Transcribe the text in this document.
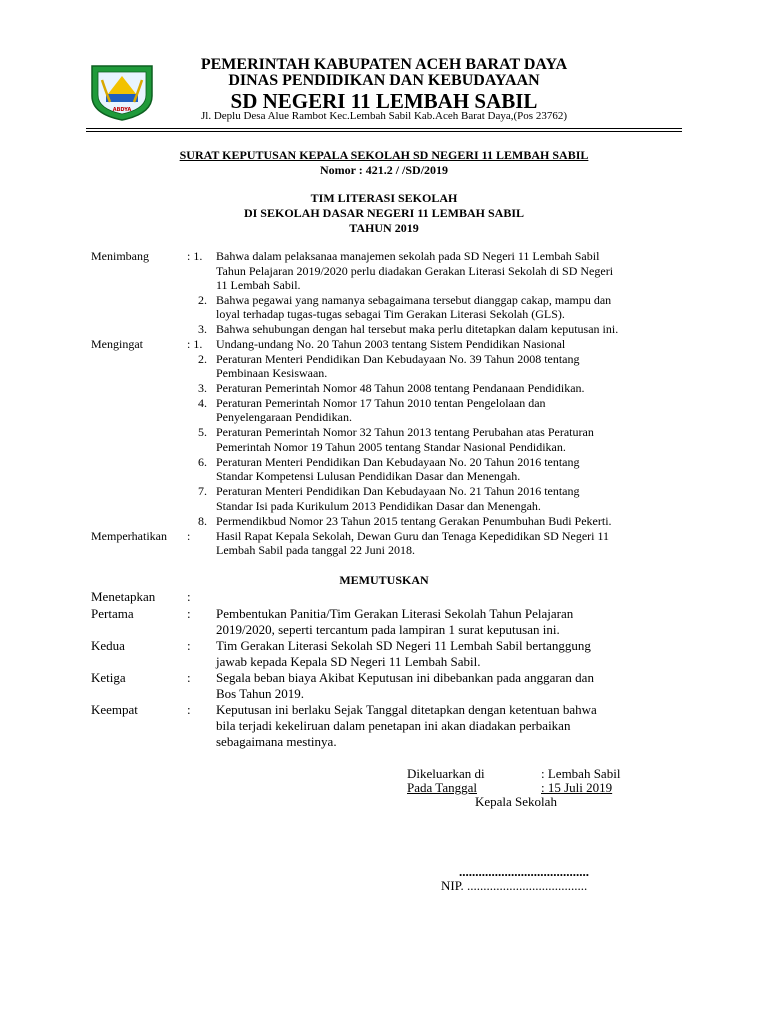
ABDYA
PEMERINTAH KABUPATEN ACEH BARAT DAYA
DINAS PENDIDIKAN DAN KEBUDAYAAN
SD NEGERI 11 LEMBAH SABIL
Jl. Deplu Desa Alue Rambot Kec.Lembah Sabil Kab.Aceh Barat Daya,(Pos 23762)
SURAT KEPUTUSAN KEPALA SEKOLAH SD NEGERI 11 LEMBAH SABIL
Nomor : 421.2 / /SD/2019
TIM LITERASI SEKOLAH
DI SEKOLAH DASAR NEGERI 11 LEMBAH SABIL
TAHUN 2019
Menimbang	: 1. Bahwa dalam pelaksanaa manajemen sekolah pada SD Negeri 11 Lembah Sabil
Tahun Pelajaran 2019/2020 perlu diadakan Gerakan Literasi Sekolah di SD Negeri
11 Lembah Sabil.
2. Bahwa pegawai yang namanya sebagaimana tersebut dianggap cakap, mampu dan
loyal terhadap tugas-tugas sebagai Tim Gerakan Literasi Sekolah (GLS).
3. Bahwa sehubungan dengan hal tersebut maka perlu ditetapkan dalam keputusan ini.
Mengingat	: 1. Undang-undang No. 20 Tahun 2003 tentang Sistem Pendidikan Nasional
2. Peraturan Menteri Pendidikan Dan Kebudayaan No. 39 Tahun 2008 tentang
Pembinaan Kesiswaan.
3. Peraturan Pemerintah Nomor 48 Tahun 2008 tentang Pendanaan Pendidikan.
4. Peraturan Pemerintah Nomor 17 Tahun 2010 tentan Pengelolaan dan
Penyelengaraan Pendidikan.
5. Peraturan Pemerintah Nomor 32 Tahun 2013 tentang Perubahan atas Peraturan
Pemerintah Nomor 19 Tahun 2005 tentang Standar Nasional Pendidikan.
6. Peraturan Menteri Pendidikan Dan Kebudayaan No. 20 Tahun 2016 tentang
Standar Kompetensi Lulusan Pendidikan Dasar dan Menengah.
7. Peraturan Menteri Pendidikan Dan Kebudayaan No. 21 Tahun 2016 tentang
Standar Isi pada Kurikulum 2013 Pendidikan Dasar dan Menengah.
8. Permendikbud Nomor 23 Tahun 2015 tentang Gerakan Penumbuhan Budi Pekerti.
Memperhatikan : Hasil Rapat Kepala Sekolah, Dewan Guru dan Tenaga Kepedidikan SD Negeri 11
Lembah Sabil pada tanggal 22 Juni 2018.
MEMUTUSKAN
Menetapkan :
Pertama	: Pembentukan Panitia/Tim Gerakan Literasi Sekolah Tahun Pelajaran
2019/2020, seperti tercantum pada lampiran 1 surat keputusan ini.
Kedua	: Tim Gerakan Literasi Sekolah SD Negeri 11 Lembah Sabil bertanggung
jawab kepada Kepala SD Negeri 11 Lembah Sabil.
Ketiga	: Segala beban biaya Akibat Keputusan ini dibebankan pada anggaran dan
Bos Tahun 2019.
Keempat	: Keputusan ini berlaku Sejak Tanggal ditetapkan dengan ketentuan bahwa
bila terjadi kekeliruan dalam penetapan ini akan diadakan perbaikan
sebagaimana mestinya.
Dikeluarkan di	: Lembah Sabil
Pada Tanggal	: 15 Juli 2019
Kepala Sekolah
........................................
NIP. .....................................
